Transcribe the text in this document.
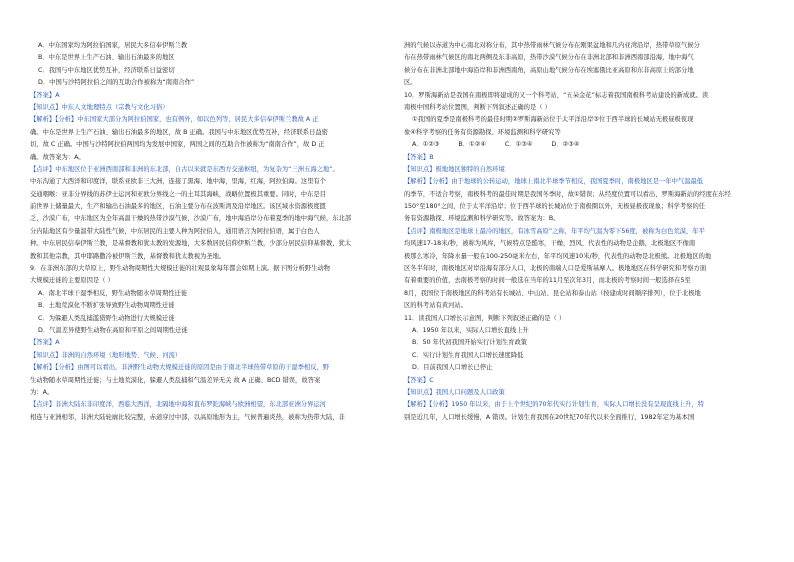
A．中东国家均为阿拉伯国家，居民大多信奉伊斯兰教
B．中东是世界上生产石油、输出石油最多的地区
C．我国与中东地区优势互补，经济联系日益密切
D．中国与沙特阿拉伯之间的互助合作被称为“南南合作”
【答案】A
【知识点】中东人文地理特点（宗教与文化习俗）
【解析】【分析】中东国家大部分为阿拉伯国家，也有例外，如以色列等，居民大多信奉伊斯兰教故 A 正
确。中东是世界上生产石油、输出石油最多的地区，故 B 正确。我国与中东地区优势互补，经济联系日益密
切，故 C 正确。中国与沙特阿拉伯两国均为发展中国家，两国之间的互助合作被称为“南南合作”，故 D 正
确。故答案为：A。
【点评】中东地区位于亚洲西南部和非洲的东北部，自古以来就是东西方交通枢纽，为复杂为“三洲五海之地”。
中东沟通了大西洋和印度洋，联系亚欧非三大洲，连接了黑海、地中海，里海，红海，阿拉伯海。这里有个
交通咽喉：亚非分界线的苏伊士运河和亚欧分界线之一的土耳其海峡，战略位置极其重要。同时，中东是目
前世界上储量最大，生产和输出石油最多的地区，石油主要分布在波斯湾及沿岸地区。该区域水资源极度匮
乏，沙漠广布，中东地区为全年高温干燥的热带沙漠气候，沙漠广布，地中海沿岸分布着夏季的地中海气候，东北部
分内陆地区有少量温带大陆性气候，中东居民的主要人种为阿拉伯人，通用语言为阿拉伯语，属于白色人
种。中东居民信奉伊斯兰教，是基督教和犹太教的发源地，大多数居民信仰伊斯兰教，少部分居民信仰基督教，犹太
教和其他宗教，其中耶路撒冷被伊斯兰教，基督教和犹太教视为圣地。
9．在非洲东部的大草原上，野生动物周期性大规模迁徙的壮观景象每年都会如期上演。据下图分析野生动物
大规模迁徙的主要原因是（ ）
A．南北半球干湿季相反，野生动物随水草周期性迁徙
B．土地荒漠化不断扩张导致野生动物周期性迁徙
C．为躲避人类乱捕滥猎野生动物进行大规模迁徙
D．气温差异使野生动物在高原和平原之间周期性迁徙
【答案】A
【知识点】非洲的自然环境（地形地势、气候、河流）
【解析】【分析】由图可以看出，非洲野生动物大规模迁徙的原因是由于南北半球热带草原的干湿季相反，野
生动物随水草周期性迁徙；与土地荒漠化，躲避人类乱捕和气温差异无关 故 A 正确、BCD 错误，故答案
为：A。
【点评】非洲大陆东非印度洋，西临大西洋，北隔地中海和直布罗陀海峡与欧洲相望，东北部亚洲分界运河
相连与亚洲相邻，非洲大陆轮廓比较完整，赤道穿过中部，以高原地形为主，气候普遍炎热，被称为热带大陆，非
洲的气候以赤道为中心南北对称分布，其中热带雨林气候分布在刚果盆地和几内亚湾沿岸，热带草原气候分
布在热带雨林气候区的南北两侧及东非高原，热带沙漠气候分布在非洲北部和非洲西南部沿海，地中海气
候分布在非洲北部地中海沿岸和非洲西南角，高原山地气候分布在埃塞俄比亚高原和东非高原上的部分地
区。
10．罗斯海新站是我国在南极即将建成的又一个科考站，“五朵金花”标志着我国南极科考站建设的新成就。读
南极中国科考站位置图，判断下列叙述正确的是（ ）
①我国的夏季是南极科考的最佳时期②罗斯海新站位于太平洋沿岸③位于西半球的长城站无极昼极夜现
象④科学考察的任务有资源勘探、环境监测和科学研究等
A．①②③　　　B．①②④　　　C．①③④　　　D．②③④
【答案】B
【知识点】极地地区独特的自然环境
【解析】【分析】由于地球的公转运动，地球上南北半球季节相反，我国夏季时，南极地区是一年中气温最低
的季节，不适合考察，南极科考的最佳时期是我国冬季时，故①错误；从经度位置可以看出，罗斯海新站的经度在东经
150°至180°之间，位于太平洋沿岸；位于西半球的长城站位于南极圈以外，无极昼极夜现象；科学考察的任
务有资源勘探、环境监测和科学研究等。故答案为：B。
【点评】南极地区是地球上最冷的地区，有冰雪高原”之称，年平均气温为零下56度，被称为白色荒漠，年平
均风速17-18米/秒，被称为风库，气候特点是酷寒，干燥，烈风，代表性的动物是企鹅，北极地区不像南
极那么寒冷，年降水量一般在100-250毫米左右，年平均风速10米/秒，代表性的动物是北极熊。北极地区的地
区冬半年时，南极地区对岸沿海有部分人口，北极的南端人口是爱斯基摩人。极地地区在科学研究和考察方面
有着重要的价值，去南极考察的时间一般选在当年的11月至次年3月，而北极的考察时间一般选择在5至
8月，我国位于南极地区的科考站有长城站、中山站、昆仑站和泰山站（按建成时间顺序排列），位于北极地
区的科考站有黄河站。
11．读我国人口增长示意图，判断下列叙述正确的是（ ）
A．1950 年以来，实际人口增长直线上升
B．50 年代初我国开始实行计划生育政策
C．实行计划生育我国人口增长速度降低
D．目前我国人口增长已停止
【答案】C
【知识点】我国人口问题及人口政策
【解析】【分析】1950 年以来，由于上个世纪的70年代实行计划生育，实际人口增长没有呈现直线上升，特
别是近几年，人口增长缓慢，A 错误。计划生育我国在20世纪70年代以来全面推行，1982年定为基本国
